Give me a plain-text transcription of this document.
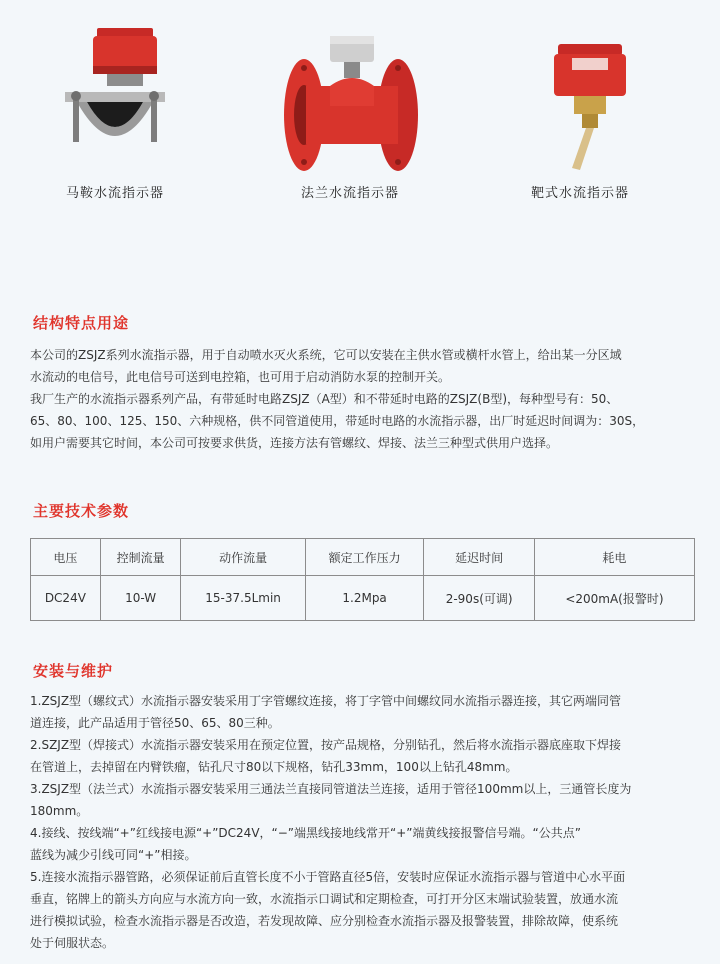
马鞍水流指示器	法兰水流指示器	靶式水流指示器
结构特点用途
本公司的ZSJZ系列水流指示器，用于自动喷水灭火系统，它可以安装在主供水管或横杆水管上，给出某一分区域
水流动的电信号，此电信号可送到电控箱，也可用于启动消防水泵的控制开关。
我厂生产的水流指示器系列产品，有带延时电路ZSJZ（A型）和不带延时电路的ZSJZ(B型)，每种型号有：50、
65、80、100、125、150、六种规格，供不同管道使用，带延时电路的水流指示器，出厂时延迟时间调为：30S，
如用户需要其它时间，本公司可按要求供货，连接方法有管螺纹、焊接、法兰三种型式供用户选择。
主要技术参数
电压	控制流量	动作流量	额定工作压力	延迟时间	耗电
DC24V	10-W	15-37.5Lmin	1.2Mpa	2-90s(可调)	<200mA(报警时)
安装与维护

1.ZSJZ型（螺纹式）水流指示器安装采用丁字管螺纹连接，将丁字管中间螺纹同水流指示器连接，其它两端同管

道连接，此产品适用于管径50、65、80三种。

2.SZJZ型（焊接式）水流指示器安装采用在预定位置，按产品规格，分别钻孔，然后将水流指示器底座取下焊接

在管道上，去掉留在内臂铁瘤，钻孔尺寸80以下规格，钻孔33mm，100以上钻孔48mm。

3.ZSJZ型（法兰式）水流指示器安装采用三通法兰直接同管道法兰连接，适用于管径100mm以上，三通管长度为

180mm。

4.接线、按线端“+”红线接电源“+”DC24V，“−”端黑线接地线常开“+”端黄线接报警信号端。“公共点”

蓝线为减少引线可同“+”相接。

5.连接水流指示器管路，必须保证前后直管长度不小于管路直径5倍，安装时应保证水流指示器与管道中心水平面

垂直，铭牌上的箭头方向应与水流方向一致，水流指示口调试和定期检查，可打开分区末端试验装置，放通水流

进行模拟试验，检查水流指示器是否改造，若发现故障、应分别检查水流指示器及报警装置，排除故障，使系统

处于伺服状态。
